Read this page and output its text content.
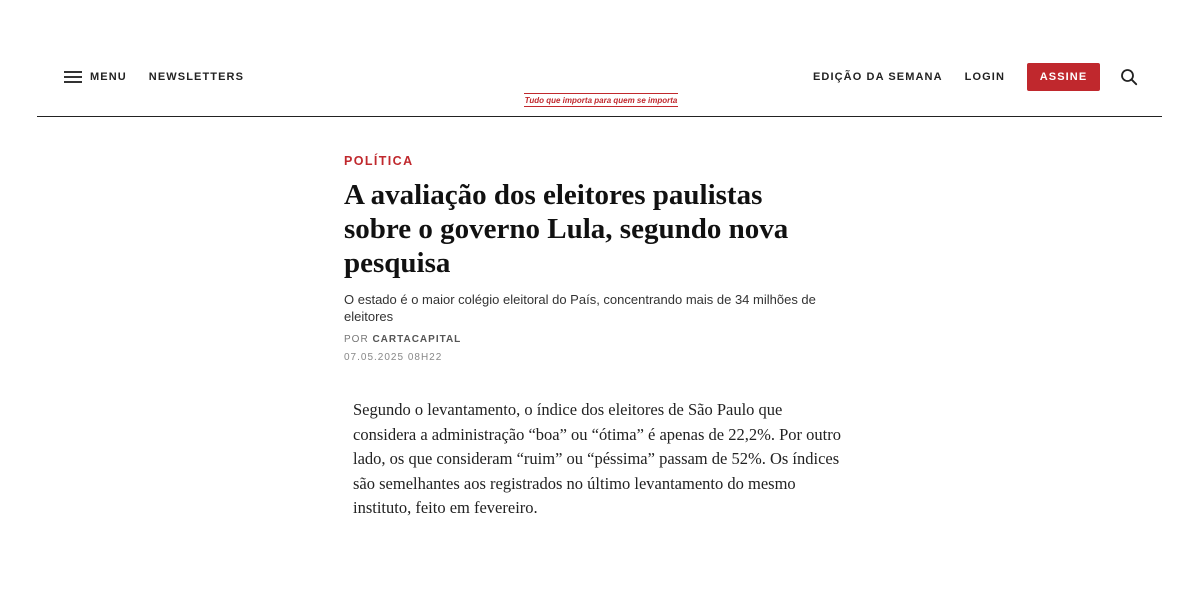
MENU NEWSLETTERS
Tudo que importa para quem se importa
EDIÇÃO DA SEMANA LOGIN	ASSINE
POLÍTICA
A avaliação dos eleitores paulistas sobre o governo Lula, segundo nova pesquisa
O estado é o maior colégio eleitoral do País, concentrando mais de 34 milhões de eleitores
POR CARTACAPITAL
07.05.2025 08H22

Segundo o levantamento, o índice dos eleitores de São Paulo que considera a administração “boa” ou “ótima” é apenas de 22,2%. Por outro lado, os que consideram “ruim” ou “péssima” passam de 52%. Os índices são semelhantes aos registrados no último levantamento do mesmo instituto, feito em fevereiro.
